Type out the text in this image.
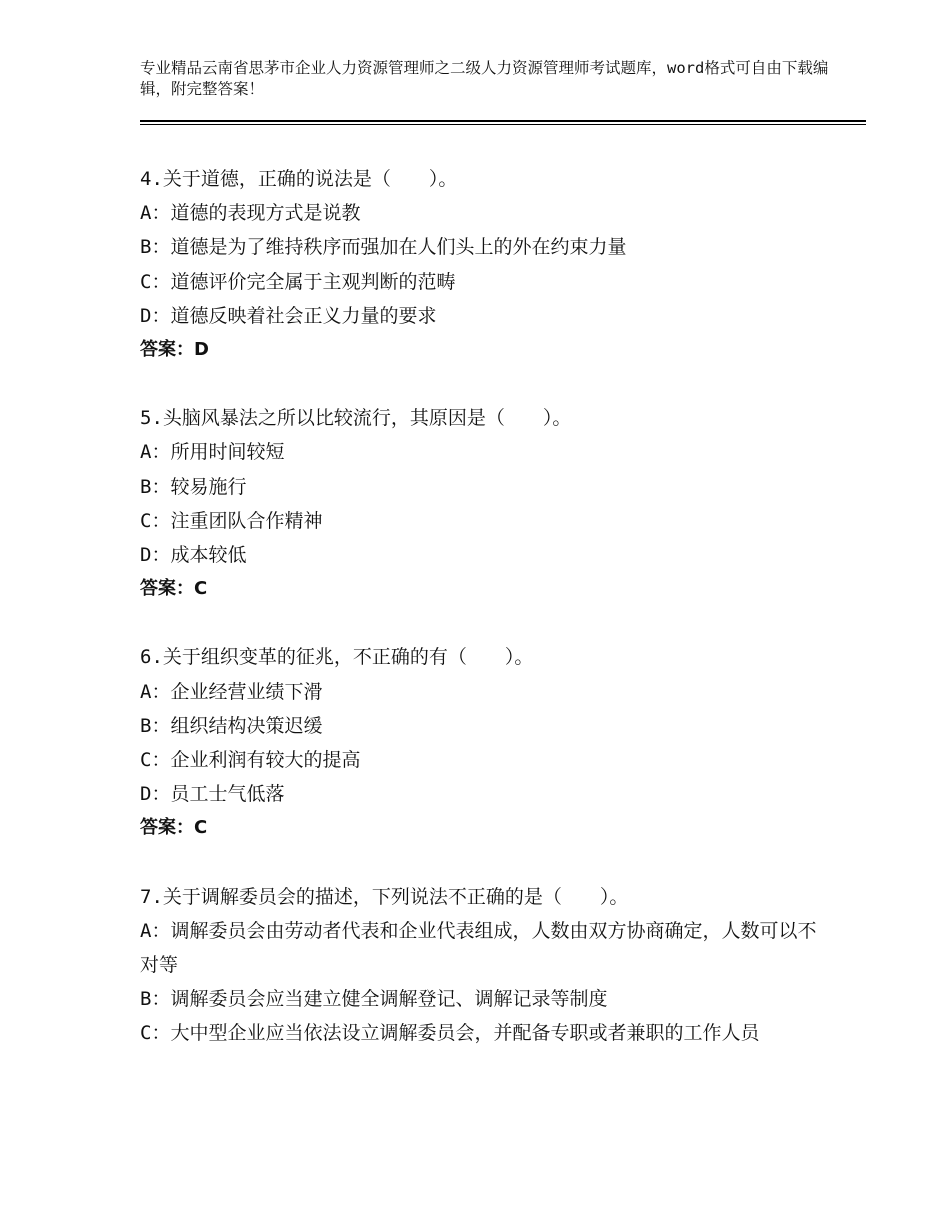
专业精品云南省思茅市企业人力资源管理师之二级人力资源管理师考试题库，word格式可自由下载编辑，附完整答案！

4.关于道德，正确的说法是（　　）。

A：道德的表现方式是说教

B：道德是为了维持秩序而强加在人们头上的外在约束力量

C：道德评价完全属于主观判断的范畴

D：道德反映着社会正义力量的要求

答案：D

5.头脑风暴法之所以比较流行，其原因是（　　）。

A：所用时间较短

B：较易施行

C：注重团队合作精神

D：成本较低

答案：C

6.关于组织变革的征兆，不正确的有（　　）。

A：企业经营业绩下滑

B：组织结构决策迟缓

C：企业利润有较大的提高

D：员工士气低落

答案：C

7.关于调解委员会的描述，下列说法不正确的是（　　）。

A：调解委员会由劳动者代表和企业代表组成，人数由双方协商确定，人数可以不对等

B：调解委员会应当建立健全调解登记、调解记录等制度

C：大中型企业应当依法设立调解委员会，并配备专职或者兼职的工作人员
